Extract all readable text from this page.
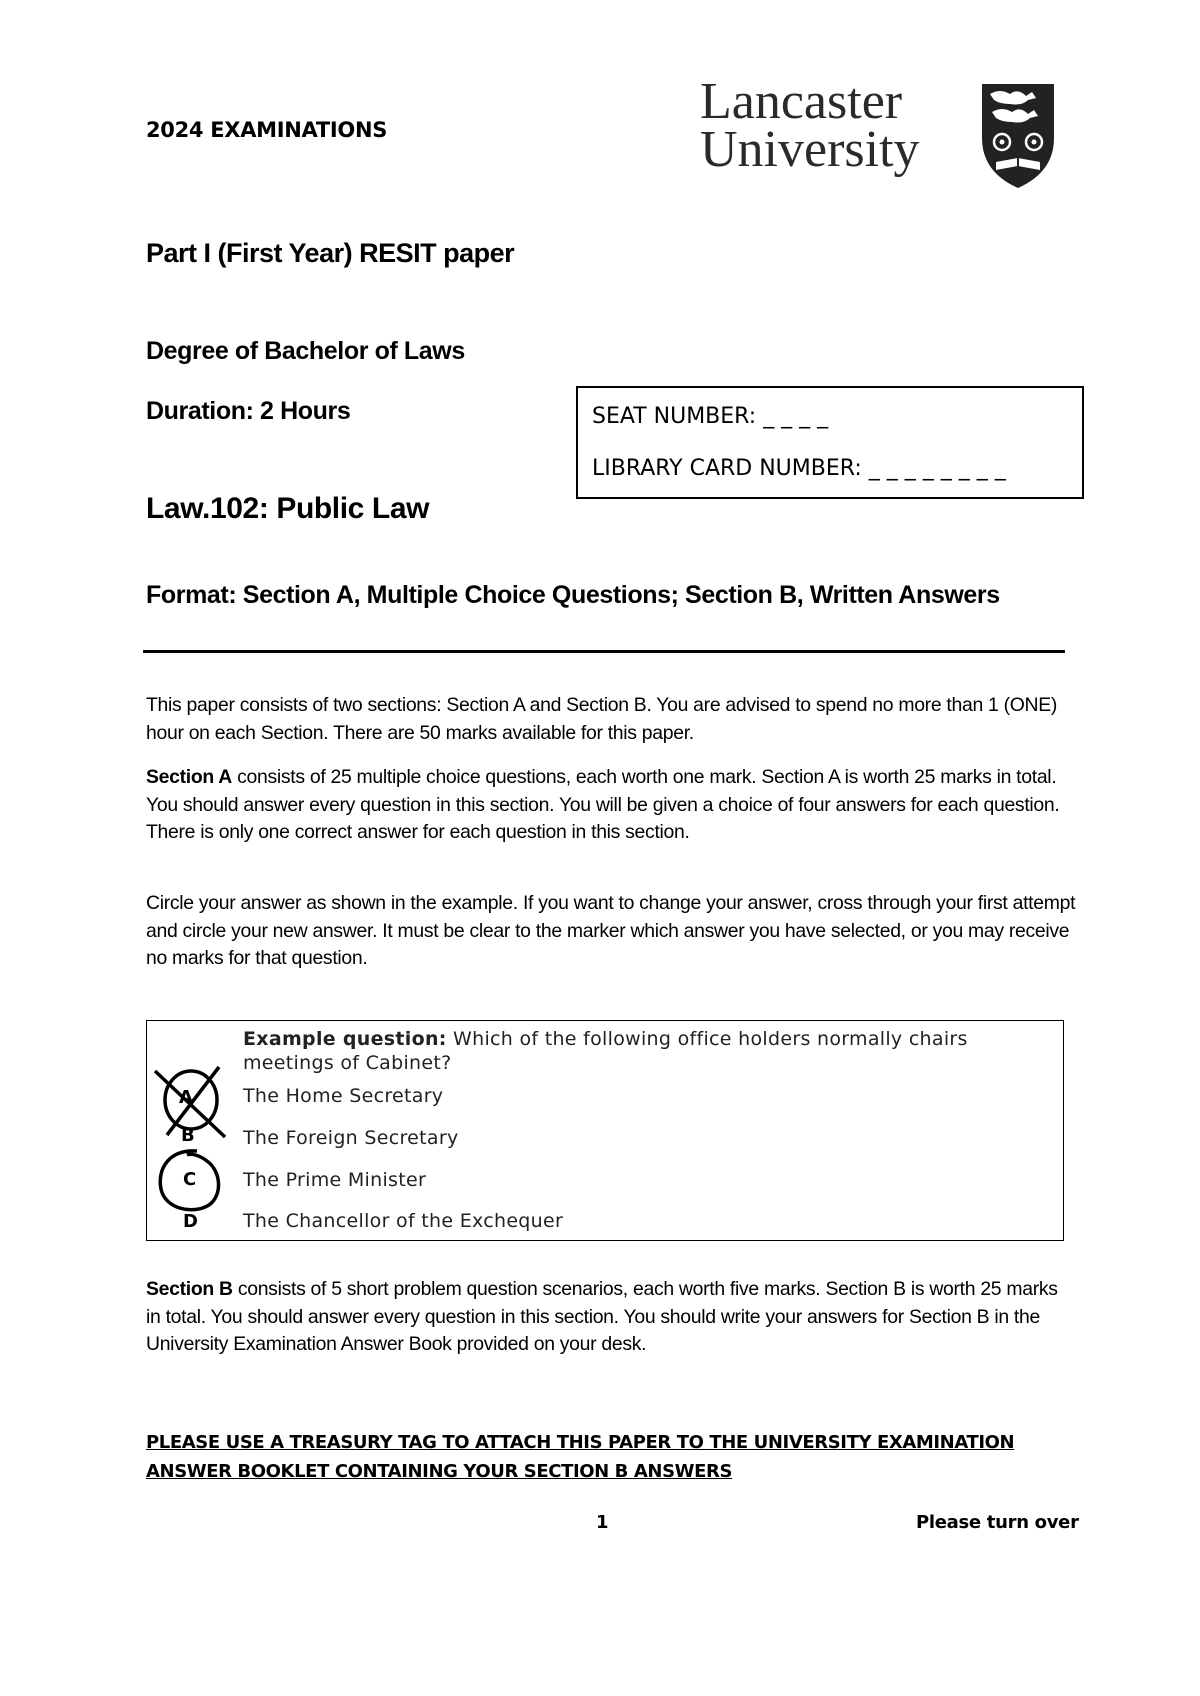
2024 EXAMINATIONS	Lancaster
University
Part I (First Year) RESIT paper
Degree of Bachelor of Laws
Duration: 2 Hours
Law.102: Public Law
SEAT NUMBER: _ _ _ _
LIBRARY CARD NUMBER: _ _ _ _ _ _ _ _
Format: Section A, Multiple Choice Questions; Section B, Written Answers
This paper consists of two sections: Section A and Section B. You are advised to spend no more than 1 (ONE) hour on each Section. There are 50 marks available for this paper.
Section A consists of 25 multiple choice questions, each worth one mark. Section A is worth 25 marks in total. You should answer every question in this section. You will be given a choice of four answers for each question. There is only one correct answer for each question in this section.
Circle your answer as shown in the example. If you want to change your answer, cross through your first attempt and circle your new answer. It must be clear to the marker which answer you have selected, or you may receive no marks for that question.
A
B
C
D
Example question: Which of the following office holders normally chairs meetings of Cabinet?
The Home Secretary
The Foreign Secretary
The Prime Minister
The Chancellor of the Exchequer
Section B consists of 5 short problem question scenarios, each worth five marks. Section B is worth 25 marks in total. You should answer every question in this section. You should write your answers for Section B in the University Examination Answer Book provided on your desk.
PLEASE USE A TREASURY TAG TO ATTACH THIS PAPER TO THE UNIVERSITY EXAMINATION ANSWER BOOKLET CONTAINING YOUR SECTION B ANSWERS
1	Please turn over
